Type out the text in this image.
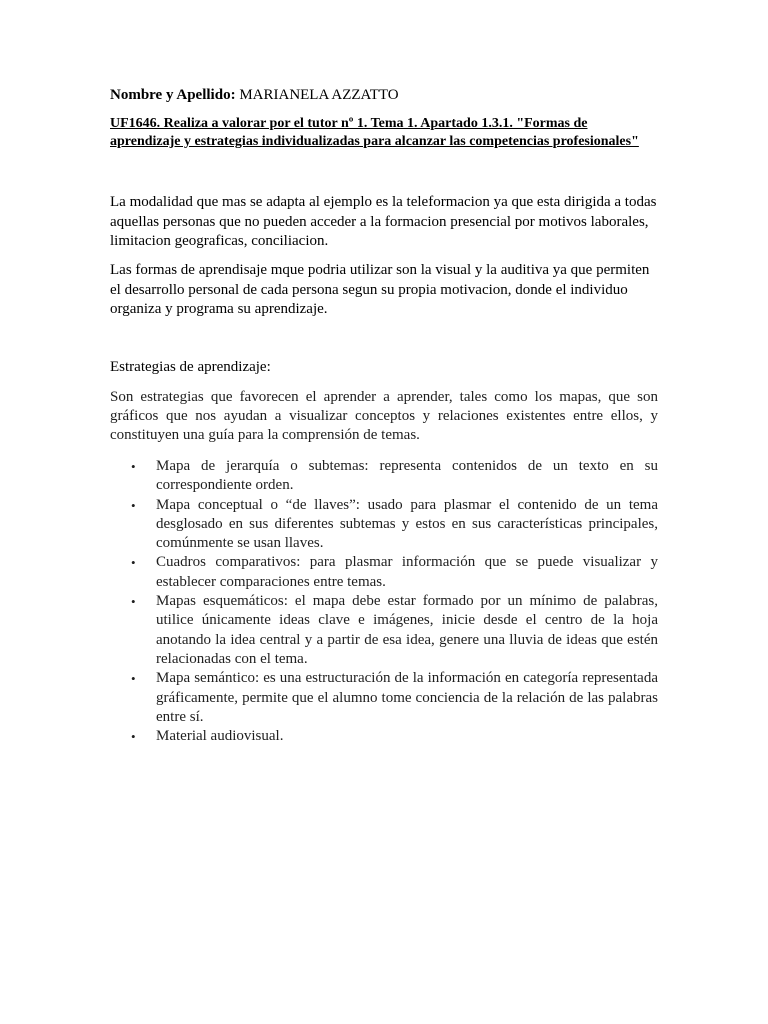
Nombre y Apellido: MARIANELA AZZATTO
UF1646. Realiza a valorar por el tutor nº 1. Tema 1. Apartado 1.3.1. "Formas de aprendizaje y estrategias individualizadas para alcanzar las competencias profesionales"
La modalidad que mas se adapta al ejemplo es la teleformacion ya que esta dirigida a todas aquellas personas que no pueden acceder a la formacion presencial por motivos laborales, limitacion geograficas, conciliacion.
Las formas de aprendisaje mque podria utilizar son la visual y la auditiva ya que permiten el desarrollo personal de cada persona segun su propia motivacion, donde el individuo organiza y programa su aprendizaje.
Estrategias de aprendizaje:
Son estrategias que favorecen el aprender a aprender, tales como los mapas, que son gráficos que nos ayudan a visualizar conceptos y relaciones existentes entre ellos, y constituyen una guía para la comprensión de temas.
• Mapa de jerarquía o subtemas: representa contenidos de un texto en su correspondiente orden.
• Mapa conceptual o “de llaves”: usado para plasmar el contenido de un tema desglosado en sus diferentes subtemas y estos en sus características principales, comúnmente se usan llaves.
• Cuadros comparativos: para plasmar información que se puede visualizar y establecer comparaciones entre temas.
• Mapas esquemáticos: el mapa debe estar formado por un mínimo de palabras, utilice únicamente ideas clave e imágenes, inicie desde el centro de la hoja anotando la idea central y a partir de esa idea, genere una lluvia de ideas que estén relacionadas con el tema.
• Mapa semántico: es una estructuración de la información en categoría representada gráficamente, permite que el alumno tome conciencia de la relación de las palabras entre sí.
• Material audiovisual.
